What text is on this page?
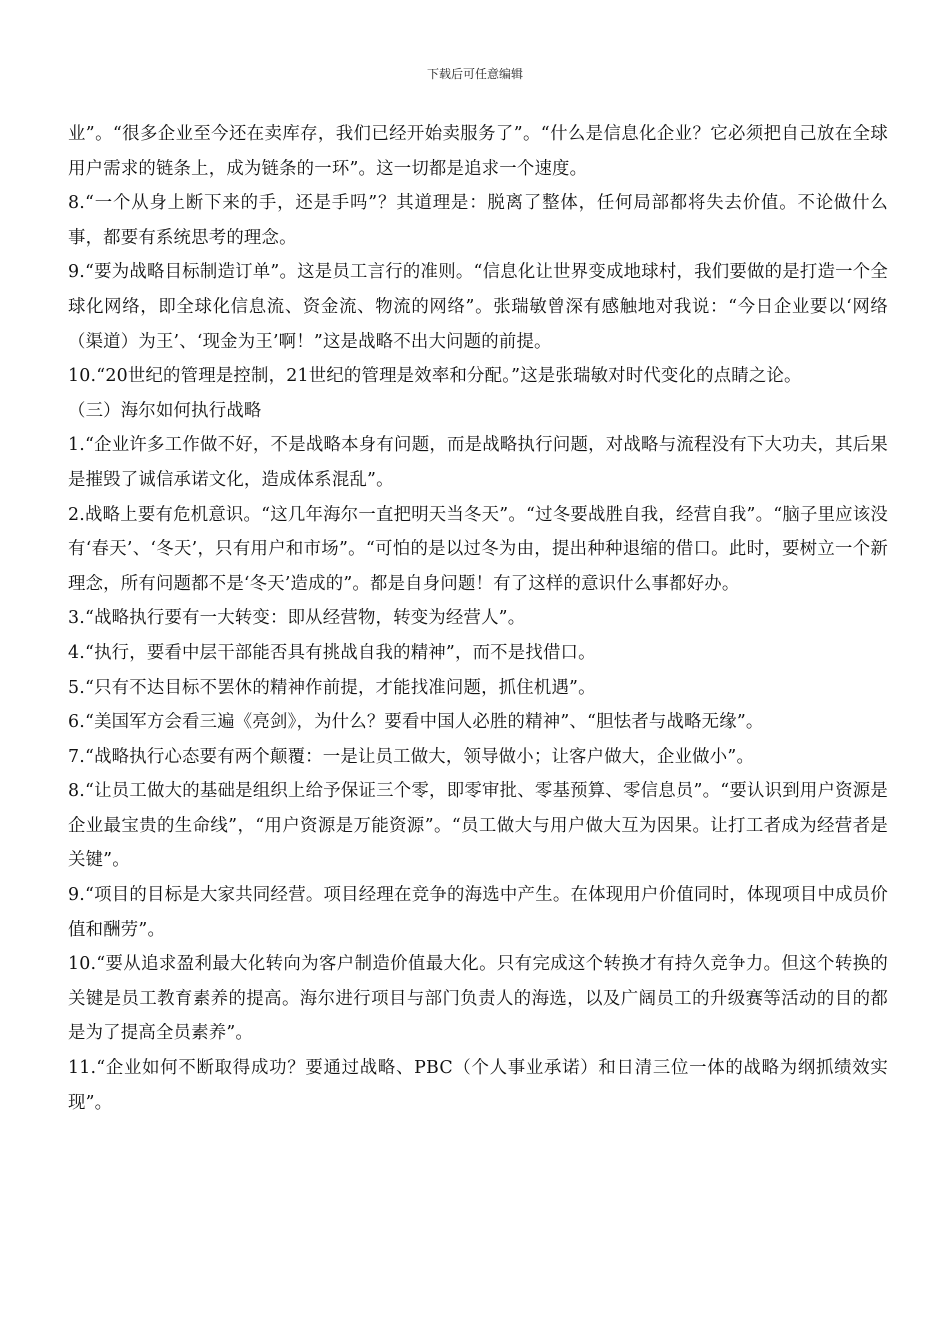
下载后可任意编辑

业”。“很多企业至今还在卖库存，我们已经开始卖服务了”。“什么是信息化企业？它必须把自己放在全球用户需求的链条上，成为链条的一环”。这一切都是追求一个速度。

8.“一个从身上断下来的手，还是手吗”？其道理是：脱离了整体，任何局部都将失去价值。不论做什么事，都要有系统思考的理念。

9.“要为战略目标制造订单”。这是员工言行的准则。“信息化让世界变成地球村，我们要做的是打造一个全球化网络，即全球化信息流、资金流、物流的网络”。张瑞敏曾深有感触地对我说：“今日企业要以‘网络（渠道）为王’、‘现金为王’啊！”这是战略不出大问题的前提。

10.“20世纪的管理是控制，21世纪的管理是效率和分配。”这是张瑞敏对时代变化的点睛之论。

（三）海尔如何执行战略

1.“企业许多工作做不好，不是战略本身有问题，而是战略执行问题，对战略与流程没有下大功夫，其后果是摧毁了诚信承诺文化，造成体系混乱”。

2.战略上要有危机意识。“这几年海尔一直把明天当冬天”。“过冬要战胜自我，经营自我”。“脑子里应该没有‘春天’、‘冬天’，只有用户和市场”。“可怕的是以过冬为由，提出种种退缩的借口。此时，要树立一个新理念，所有问题都不是‘冬天’造成的”。都是自身问题！有了这样的意识什么事都好办。

3.“战略执行要有一大转变：即从经营物，转变为经营人”。

4.“执行，要看中层干部能否具有挑战自我的精神”，而不是找借口。

5.“只有不达目标不罢休的精神作前提，才能找准问题，抓住机遇”。

6.“美国军方会看三遍《亮剑》，为什么？要看中国人必胜的精神”、“胆怯者与战略无缘”。

7.“战略执行心态要有两个颠覆：一是让员工做大，领导做小；让客户做大，企业做小”。

8.“让员工做大的基础是组织上给予保证三个零，即零审批、零基预算、零信息员”。“要认识到用户资源是企业最宝贵的生命线”，“用户资源是万能资源”。“员工做大与用户做大互为因果。让打工者成为经营者是关键”。

9.“项目的目标是大家共同经营。项目经理在竞争的海选中产生。在体现用户价值同时，体现项目中成员价值和酬劳”。

10.“要从追求盈利最大化转向为客户制造价值最大化。只有完成这个转换才有持久竞争力。但这个转换的关键是员工教育素养的提高。海尔进行项目与部门负责人的海选，以及广阔员工的升级赛等活动的目的都是为了提高全员素养”。

11.“企业如何不断取得成功？要通过战略、PBC（个人事业承诺）和日清三位一体的战略为纲抓绩效实现”。
